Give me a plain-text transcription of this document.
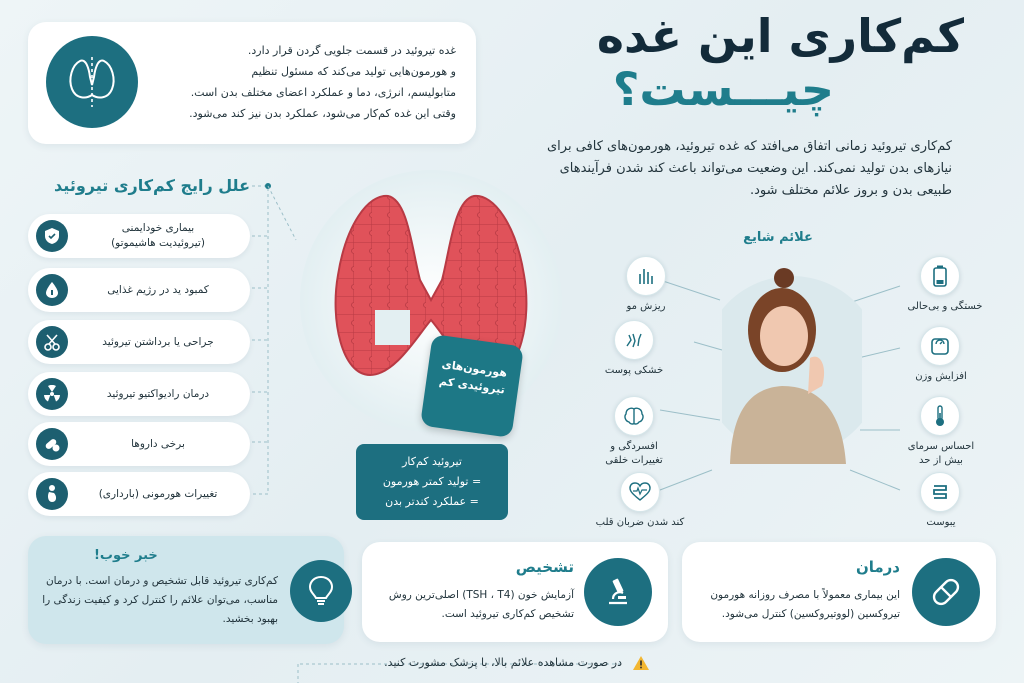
کم‌کاری این غده
چیـــست؟
کم‌کاری تیروئید زمانی اتفاق می‌افتد که غده تیروئید، هورمون‌های کافی برای نیازهای بدن تولید نمی‌کند. این وضعیت می‌تواند باعث کند شدن فرآیندهای طبیعی بدن و بروز علائم مختلف شود.
غده تیروئید در قسمت جلویی گردن قرار دارد.
و هورمون‌هایی تولید می‌کند که مسئول تنظیم
متابولیسم، انرژی، دما و عملکرد اعضای مختلف بدن است.
وقتی این غده کم‌کار می‌شود، عملکرد بدن نیز کند می‌شود.
علل رایج کم‌کاری تیروئید
بیماری خودایمنی
(تیروئیدیت هاشیموتو)
کمبود ید در رژیم غذایی
جراحی یا برداشتن تیروئید
درمان رادیواکتیو تیروئید
برخی داروها
تغییرات هورمونی (بارداری)
هورمون‌های تیروئیدی کم
تیروئید کم‌کار
= تولید کمتر هورمون
= عملکرد کندتر بدن
علائم شایع
ریزش مو	خستگی و بی‌حالی
خشکی پوست
افزایش وزن
افسردگی و
تغییرات خلقی
احساس سرمای
بیش از حد
کند شدن ضربان قلب	یبوست
خبر خوب!
کم‌کاری تیروئید قابل تشخیص و درمان است. با درمان مناسب، می‌توان علائم را کنترل کرد و کیفیت زندگی را بهبود بخشید.
تشخیص
آزمایش خون (TSH ، T4) اصلی‌ترین روش تشخیص کم‌کاری تیروئید است.
درمان
این بیماری معمولاً با مصرف روزانه هورمون تیروکسین (لووتیروکسین) کنترل می‌شود.
در صورت مشاهده علائم بالا، با پزشک مشورت کنید.
